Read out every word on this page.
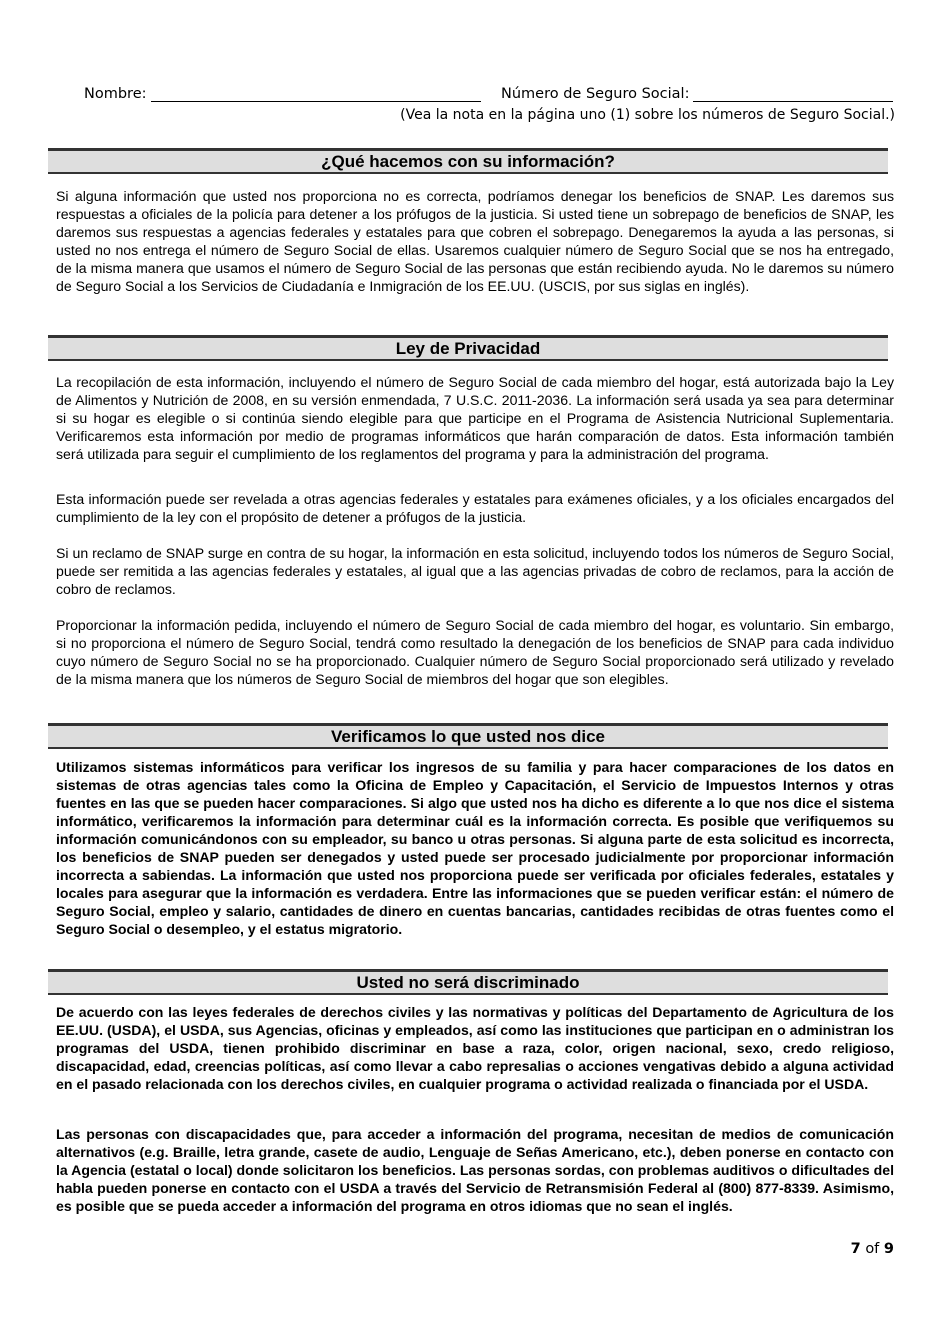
Nombre:	Número de Seguro Social:
(Vea la nota en la página uno (1) sobre los números de Seguro Social.)
¿Qué hacemos con su información?

Si alguna información que usted nos proporciona no es correcta, podríamos denegar los beneficios de SNAP. Les daremos sus respuestas a oficiales de la policía para detener a los prófugos de la justicia. Si usted tiene un sobrepago de beneficios de SNAP, les daremos sus respuestas a agencias federales y estatales para que cobren el sobrepago. Denegaremos la ayuda a las personas, si usted no nos entrega el número de Seguro Social de ellas. Usaremos cualquier número de Seguro Social que se nos ha entregado, de la misma manera que usamos el número de Seguro Social de las personas que están recibiendo ayuda. No le daremos su número de Seguro Social a los Servicios de Ciudadanía e Inmigración de los EE.UU. (USCIS, por sus siglas en inglés).

Ley de Privacidad

La recopilación de esta información, incluyendo el número de Seguro Social de cada miembro del hogar, está autorizada bajo la Ley de Alimentos y Nutrición de 2008, en su versión enmendada, 7 U.S.C. 2011-2036. La información será usada ya sea para determinar si su hogar es elegible o si continúa siendo elegible para que participe en el Programa de Asistencia Nutricional Suplementaria. Verificaremos esta información por medio de programas informáticos que harán comparación de datos. Esta información también será utilizada para seguir el cumplimiento de los reglamentos del programa y para la administración del programa.

Esta información puede ser revelada a otras agencias federales y estatales para exámenes oficiales, y a los oficiales encargados del cumplimiento de la ley con el propósito de detener a prófugos de la justicia.

Si un reclamo de SNAP surge en contra de su hogar, la información en esta solicitud, incluyendo todos los números de Seguro Social, puede ser remitida a las agencias federales y estatales, al igual que a las agencias privadas de cobro de reclamos, para la acción de cobro de reclamos.

Proporcionar la información pedida, incluyendo el número de Seguro Social de cada miembro del hogar, es voluntario. Sin embargo, si no proporciona el número de Seguro Social, tendrá como resultado la denegación de los beneficios de SNAP para cada individuo cuyo número de Seguro Social no se ha proporcionado. Cualquier número de Seguro Social proporcionado será utilizado y revelado de la misma manera que los números de Seguro Social de miembros del hogar que son elegibles.

Verificamos lo que usted nos dice

Utilizamos sistemas informáticos para verificar los ingresos de su familia y para hacer comparaciones de los datos en sistemas de otras agencias tales como la Oficina de Empleo y Capacitación, el Servicio de Impuestos Internos y otras fuentes en las que se pueden hacer comparaciones. Si algo que usted nos ha dicho es diferente a lo que nos dice el sistema informático, verificaremos la información para determinar cuál es la información correcta. Es posible que verifiquemos su información comunicándonos con su empleador, su banco u otras personas. Si alguna parte de esta solicitud es incorrecta, los beneficios de SNAP pueden ser denegados y usted puede ser procesado judicialmente por proporcionar información incorrecta a sabiendas. La información que usted nos proporciona puede ser verificada por oficiales federales, estatales y locales para asegurar que la información es verdadera. Entre las informaciones que se pueden verificar están: el número de Seguro Social, empleo y salario, cantidades de dinero en cuentas bancarias, cantidades recibidas de otras fuentes como el Seguro Social o desempleo, y el estatus migratorio.

Usted no será discriminado

De acuerdo con las leyes federales de derechos civiles y las normativas y políticas del Departamento de Agricultura de los EE.UU. (USDA), el USDA, sus Agencias, oficinas y empleados, así como las instituciones que participan en o administran los programas del USDA, tienen prohibido discriminar en base a raza, color, origen nacional, sexo, credo religioso, discapacidad, edad, creencias políticas, así como llevar a cabo represalias o acciones vengativas debido a alguna actividad en el pasado relacionada con los derechos civiles, en cualquier programa o actividad realizada o financiada por el USDA.

Las personas con discapacidades que, para acceder a información del programa, necesitan de medios de comunicación alternativos (e.g. Braille, letra grande, casete de audio, Lenguaje de Señas Americano, etc.), deben ponerse en contacto con la Agencia (estatal o local) donde solicitaron los beneficios. Las personas sordas, con problemas auditivos o dificultades del habla pueden ponerse en contacto con el USDA a través del Servicio de Retransmisión Federal al (800) 877-8339. Asimismo, es posible que se pueda acceder a información del programa en otros idiomas que no sean el inglés.

7 of 9
